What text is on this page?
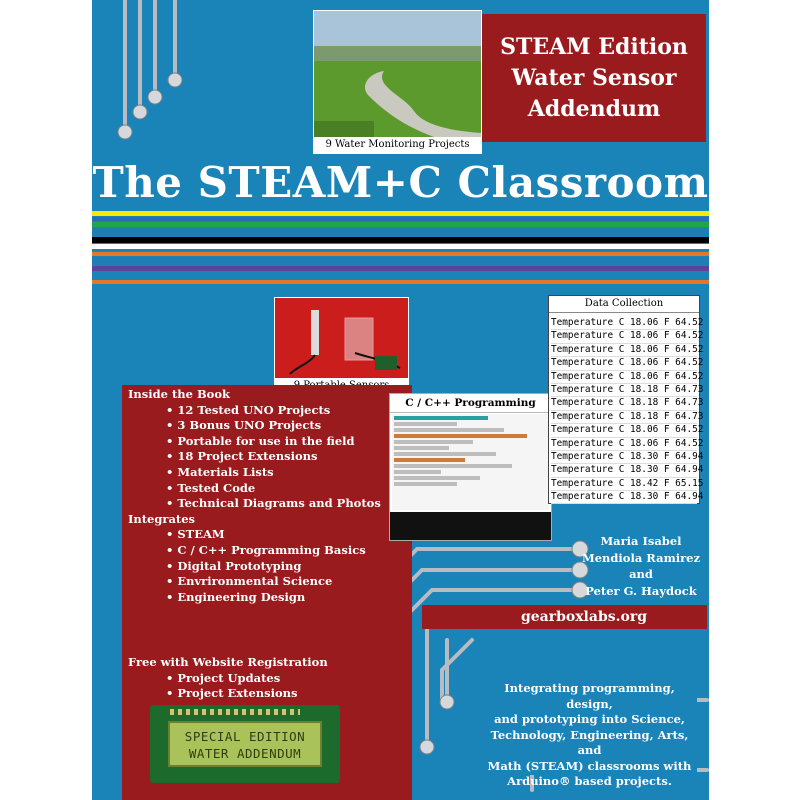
9 Water Monitoring Projects
STEAM Edition
Water Sensor
Addendum
The STEAM+C Classroom
Inside the Book
• 12 Tested UNO Projects
• 3 Bonus UNO Projects
• Portable for use in the field
• 18 Project Extensions
• Materials Lists
• Tested Code
• Technical Diagrams and Photos
Integrates
• STEAM
• C / C++ Programming Basics
• Digital Prototyping
• Envrironmental Science
• Engineering Design
Free with Website Registration
• Project Updates
• Project Extensions
C / C++ Programming
Data Collection
Temperature C 18.06 F 64.52
Temperature C 18.06 F 64.52
Temperature C 18.06 F 64.52
Temperature C 18.06 F 64.52
Temperature C 18.06 F 64.52
Temperature C 18.18 F 64.73
Temperature C 18.18 F 64.73
Temperature C 18.18 F 64.73
Temperature C 18.06 F 64.52
Temperature C 18.06 F 64.52
Temperature C 18.30 F 64.94
Temperature C 18.30 F 64.94
Temperature C 18.42 F 65.15
Temperature C 18.30 F 64.94
Maria Isabel
Mendiola Ramirez
and
Peter G. Haydock
gearboxlabs.org
Integrating programming, design,
and prototyping into Science,
Technology, Engineering, Arts, and
Math (STEAM) classrooms with
Arduino® based projects.
SPECIAL EDITION
WATER ADDENDUM
